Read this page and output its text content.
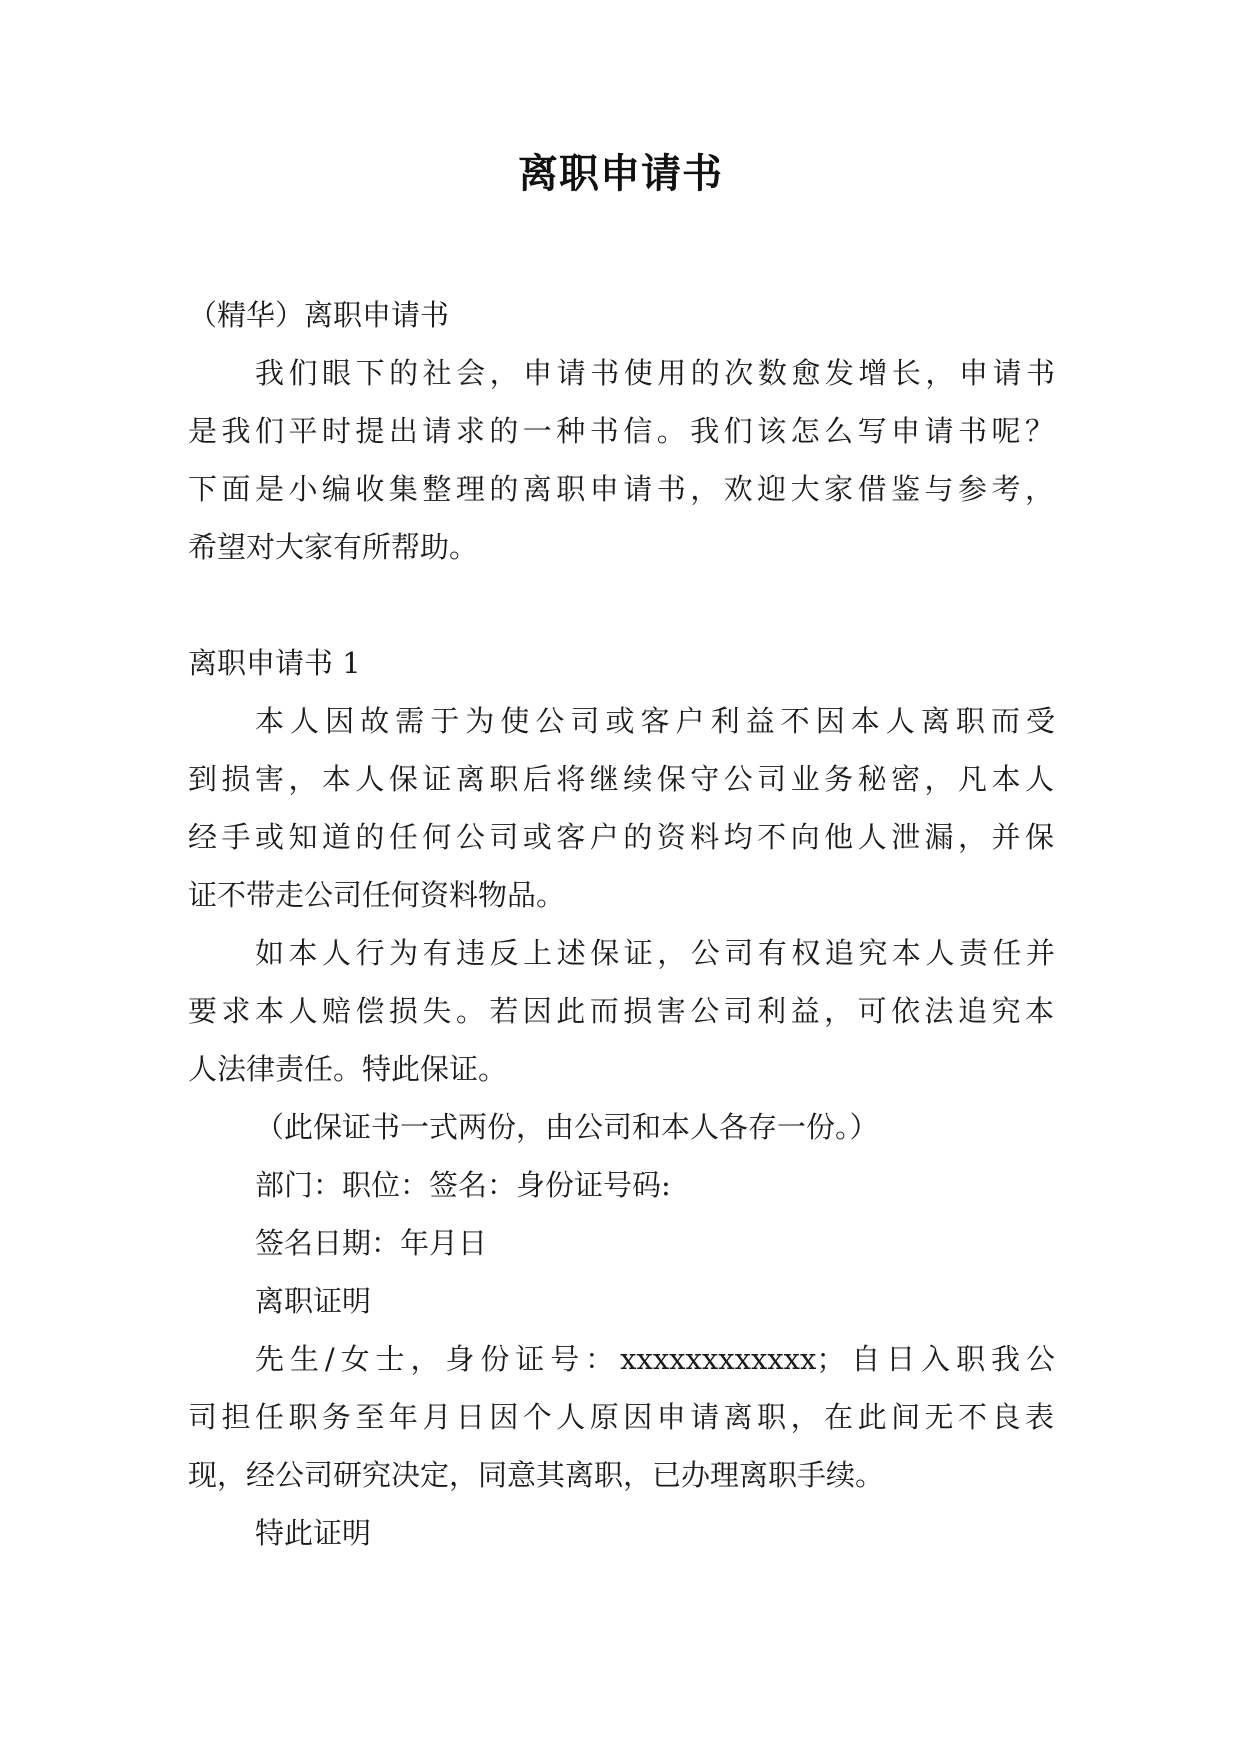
离职申请书
（精华）离职申请书
我们眼下的社会，申请书使用的次数愈发增长，申请书
是我们平时提出请求的一种书信。我们该怎么写申请书呢？
下面是小编收集整理的离职申请书，欢迎大家借鉴与参考，
希望对大家有所帮助。
离职申请书 1
本人因故需于为使公司或客户利益不因本人离职而受
到损害，本人保证离职后将继续保守公司业务秘密，凡本人
经手或知道的任何公司或客户的资料均不向他人泄漏，并保
证不带走公司任何资料物品。
如本人行为有违反上述保证，公司有权追究本人责任并
要求本人赔偿损失。若因此而损害公司利益，可依法追究本
人法律责任。特此保证。
（此保证书一式两份，由公司和本人各存一份。）
部门：职位：签名：身份证号码:
签名日期：年月日
离职证明
先生/女士，身份证号：xxxxxxxxxxxx；自日入职我公
司担任职务至年月日因个人原因申请离职，在此间无不良表
现，经公司研究决定，同意其离职，已办理离职手续。
特此证明
